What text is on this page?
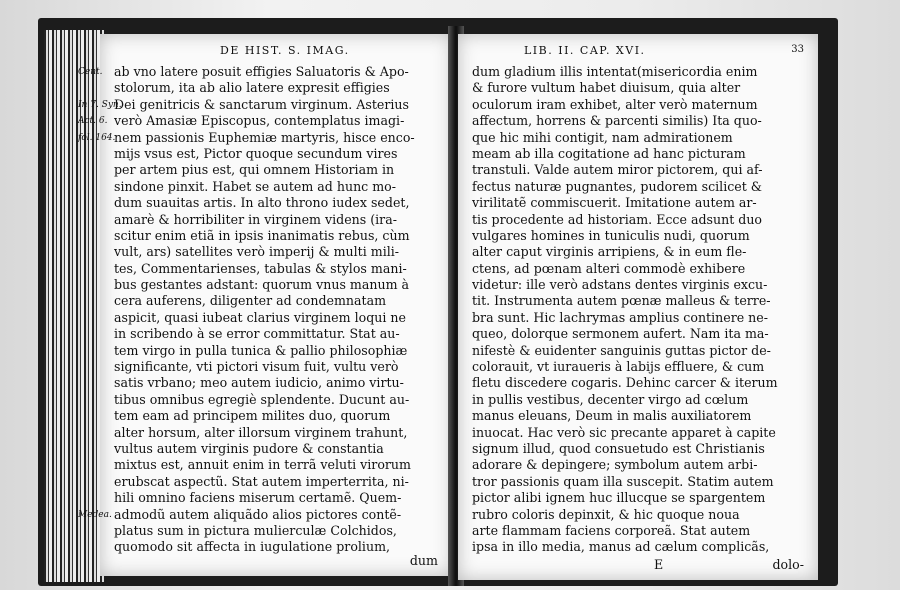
DE HIST. S. IMAG.
Cent.
In 7. Syn.
Act. 6.
fol. 164.
Medea.
ab vno latere posuit effigies Saluatoris & Apo-
stolorum, ita ab alio latere expresit effigies
Dei genitricis & sanctarum virginum. Asterius
verò Amasiæ Episcopus, contemplatus imagi-
nem passionis Euphemiæ martyris, hisce enco-
mijs vsus est, Pictor quoque secundum vires
per artem pius est, qui omnem Historiam in
sindone pinxit. Habet se autem ad hunc mo-
dum suauitas artis. In alto throno iudex sedet,
amarè & horribiliter in virginem videns (ira-
scitur enim etiã in ipsis inanimatis rebus, cùm
vult, ars) satellites verò imperij & multi mili-
tes, Commentarienses, tabulas & stylos mani-
bus gestantes adstant: quorum vnus manum à
cera auferens, diligenter ad condemnatam
aspicit, quasi iubeat clarius virginem loqui ne
in scribendo à se error committatur. Stat au-
tem virgo in pulla tunica & pallio philosophiæ
significante, vti pictori visum fuit, vultu verò
satis vrbano; meo autem iudicio, animo virtu-
tibus omnibus egregiè splendente. Ducunt au-
tem eam ad principem milites duo, quorum
alter horsum, alter illorsum virginem trahunt,
vultus autem virginis pudore & constantia
mixtus est, annuit enim in terrã veluti virorum
erubscat aspectũ. Stat autem imperterrita, ni-
hili omnino faciens miserum certamẽ. Quem-
admodũ autem aliquãdo alios pictores contẽ-
platus sum in pictura mulierculæ Colchidos,
quomodo sit affecta in iugulatione prolium,
dum
LIB. II. CAP. XVI.	33
dum gladium illis intentat(misericordia enim
& furore vultum habet diuisum, quia alter
oculorum iram exhibet, alter verò maternum
affectum, horrens & parcenti similis) Ita quo-
que hic mihi contigit, nam admirationem
meam ab illa cogitatione ad hanc picturam
transtuli. Valde autem miror pictorem, qui af-
fectus naturæ pugnantes, pudorem scilicet &
virilitatẽ commiscuerit. Imitatione autem ar-
tis procedente ad historiam. Ecce adsunt duo
vulgares homines in tuniculis nudi, quorum
alter caput virginis arripiens, & in eum fle-
ctens, ad pœnam alteri commodè exhibere
videtur: ille verò adstans dentes virginis excu-
tit. Instrumenta autem pœnæ malleus & terre-
bra sunt. Hic lachrymas amplius continere ne-
queo, dolorque sermonem aufert. Nam ita ma-
nifestè & euidenter sanguinis guttas pictor de-
colorauit, vt iuraueris à labijs effluere, & cum
fletu discedere cogaris. Dehinc carcer & iterum
in pullis vestibus, decenter virgo ad cœlum
manus eleuans, Deum in malis auxiliatorem
inuocat. Hac verò sic precante apparet à capite
signum illud, quod consuetudo est Christianis
adorare & depingere; symbolum autem arbi-
tror passionis quam illa suscepit. Statim autem
pictor alibi ignem huc illucque se spargentem
rubro coloris depinxit, & hic quoque noua
arte flammam faciens corporeã. Stat autem
ipsa in illo media, manus ad cælum complicãs,
E	dolo-
